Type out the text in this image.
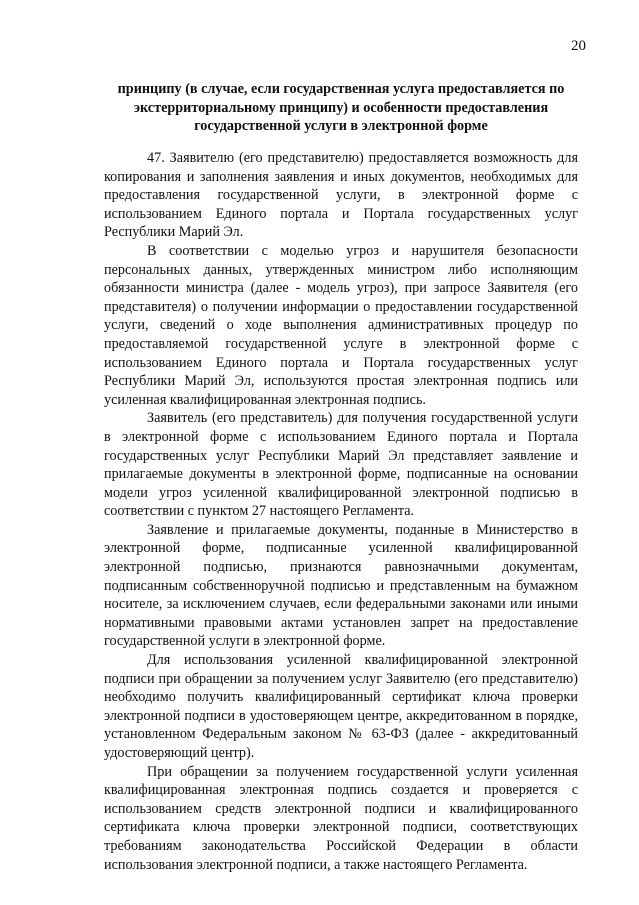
20
принципу (в случае, если государственная услуга предоставляется по экстерриториальному принципу) и особенности предоставления государственной услуги в электронной форме

47. Заявителю (его представителю) предоставляется возможность для копирования и заполнения заявления и иных документов, необходимых для предоставления государственной услуги, в электронной форме с использованием Единого портала и Портала государственных услуг Республики Марий Эл.

В соответствии с моделью угроз и нарушителя безопасности персональных данных, утвержденных министром либо исполняющим обязанности министра (далее - модель угроз), при запросе Заявителя (его представителя) о получении информации о предоставлении государственной услуги, сведений о ходе выполнения административных процедур по предоставляемой государственной услуге в электронной форме с использованием Единого портала и Портала государственных услуг Республики Марий Эл, используются простая электронная подпись или усиленная квалифицированная электронная подпись.

Заявитель (его представитель) для получения государственной услуги в электронной форме с использованием Единого портала и Портала государственных услуг Республики Марий Эл представляет заявление и прилагаемые документы в электронной форме, подписанные на основании модели угроз усиленной квалифицированной электронной подписью в соответствии с пунктом 27 настоящего Регламента.

Заявление и прилагаемые документы, поданные в Министерство в электронной форме, подписанные усиленной квалифицированной электронной подписью, признаются равнозначными документам, подписанным собственноручной подписью и представленным на бумажном носителе, за исключением случаев, если федеральными законами или иными нормативными правовыми актами установлен запрет на предоставление государственной услуги в электронной форме.

Для использования усиленной квалифицированной электронной подписи при обращении за получением услуг Заявителю (его представителю) необходимо получить квалифицированный сертификат ключа проверки электронной подписи в удостоверяющем центре, аккредитованном в порядке, установленном Федеральным законом № 63-ФЗ (далее - аккредитованный удостоверяющий центр).

При обращении за получением государственной услуги усиленная квалифицированная электронная подпись создается и проверяется с использованием средств электронной подписи и квалифицированного сертификата ключа проверки электронной подписи, соответствующих требованиям законодательства Российской Федерации в области использования электронной подписи, а также настоящего Регламента.
